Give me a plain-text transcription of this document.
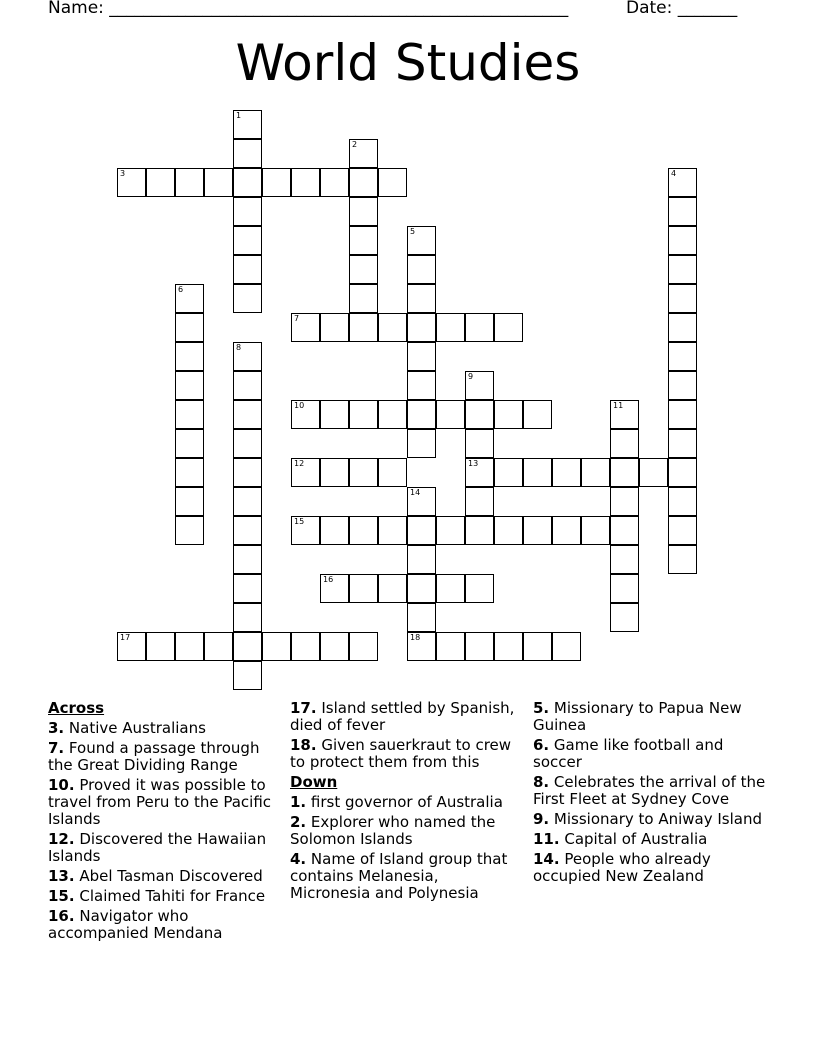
Name: ______________________________________________________	Date: _______
World Studies
1
2
3	4
5
6
7
8
9
13
10	11
12
14
18
15
16
17
Across
3. Native Australians
7. Found a passage through the Great Dividing Range
10. Proved it was possible to travel from Peru to the Pacific Islands
12. Discovered the Hawaiian Islands
13. Abel Tasman Discovered
15. Claimed Tahiti for France
16. Navigator who accompanied Mendana
17. Island settled by Spanish, died of fever
18. Given sauerkraut to crew to protect them from this
Down
1. first governor of Australia
2. Explorer who named the Solomon Islands
4. Name of Island group that contains Melanesia, Micronesia and Polynesia
5. Missionary to Papua New Guinea
6. Game like football and soccer
8. Celebrates the arrival of the First Fleet at Sydney Cove
9. Missionary to Aniway Island
11. Capital of Australia
14. People who already occupied New Zealand
